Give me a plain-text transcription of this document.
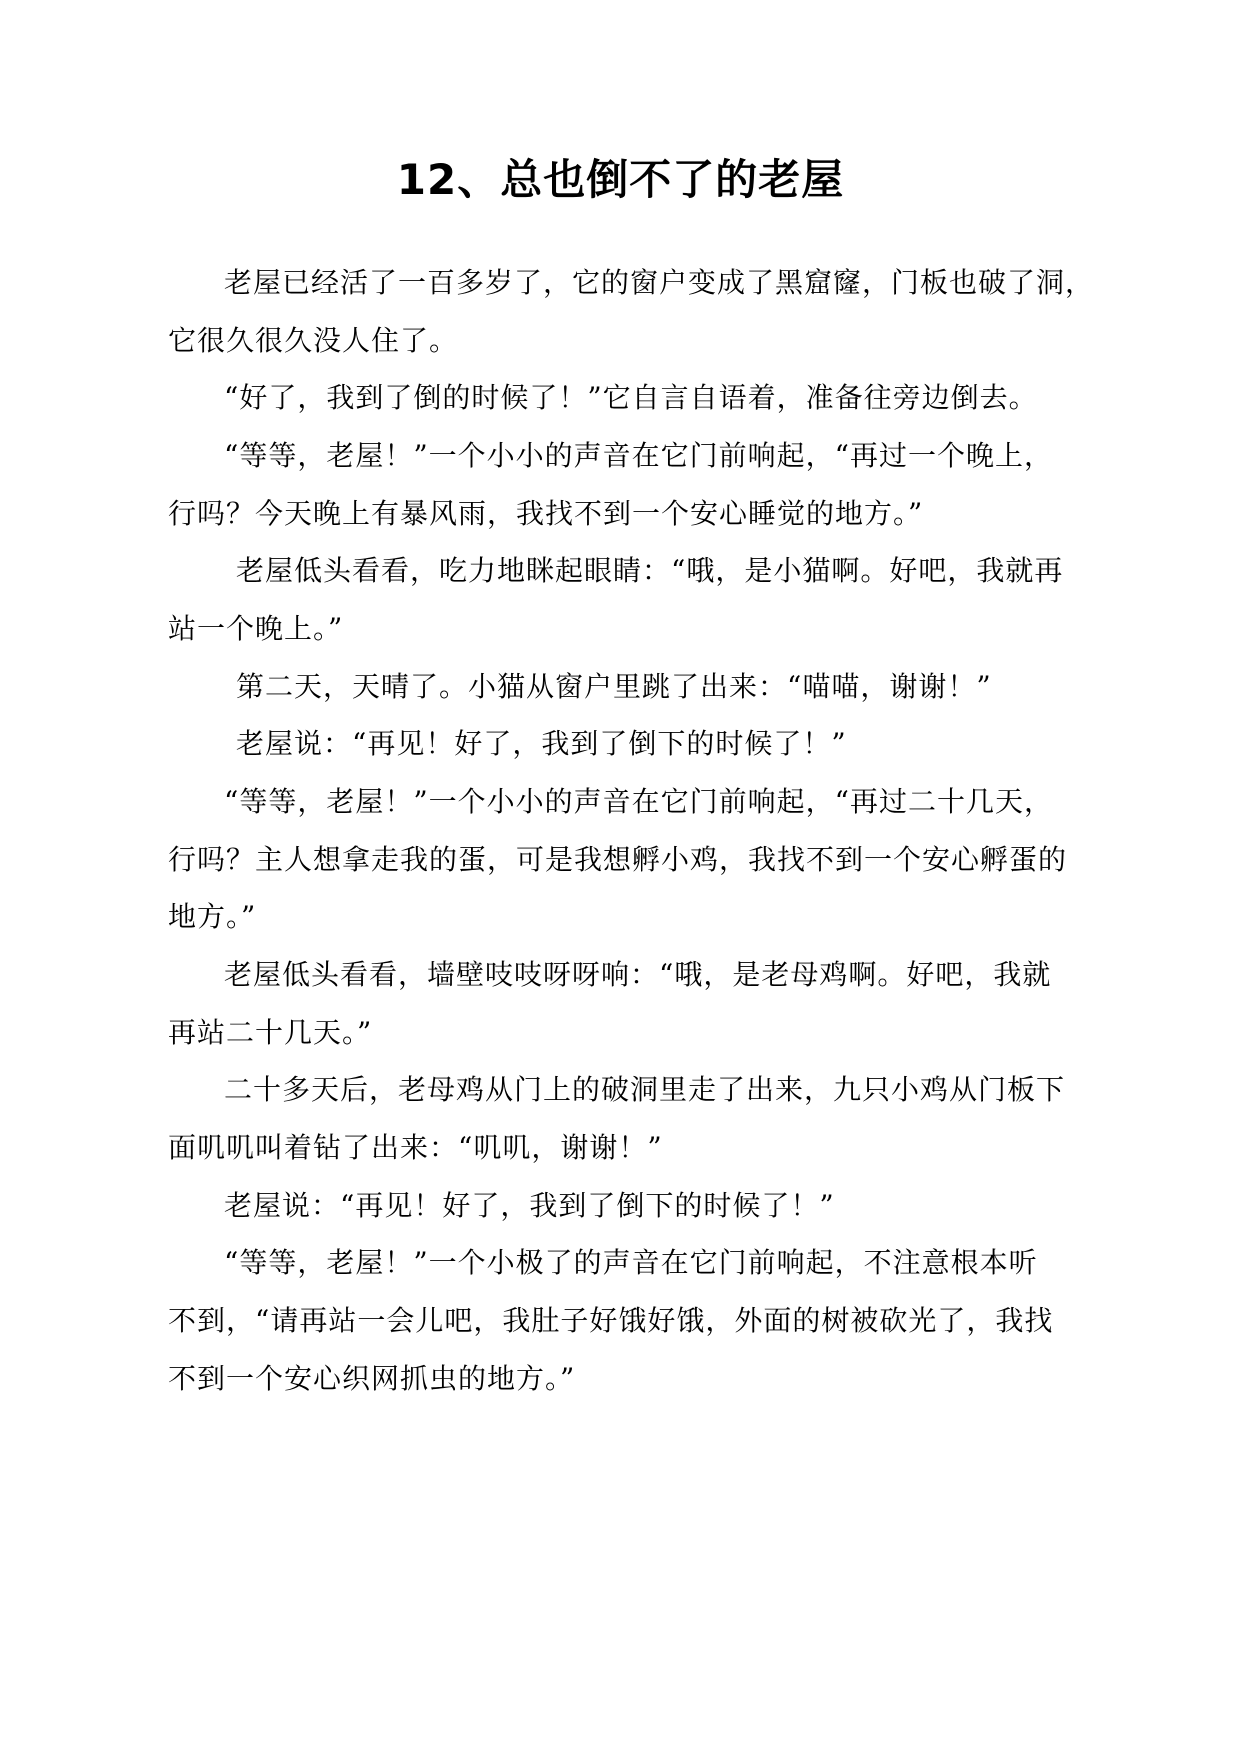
12、总也倒不了的老屋
老屋已经活了一百多岁了，它的窗户变成了黑窟窿，门板也破了洞，
它很久很久没人住了。
“好了，我到了倒的时候了！”它自言自语着，准备往旁边倒去。
“等等，老屋！”一个小小的声音在它门前响起，“再过一个晚上，
行吗？今天晚上有暴风雨，我找不到一个安心睡觉的地方。”
老屋低头看看，吃力地眯起眼睛：“哦，是小猫啊。好吧，我就再
站一个晚上。”
第二天，天晴了。小猫从窗户里跳了出来：“喵喵，谢谢！”
老屋说：“再见！好了，我到了倒下的时候了！”
“等等，老屋！”一个小小的声音在它门前响起，“再过二十几天，
行吗？主人想拿走我的蛋，可是我想孵小鸡，我找不到一个安心孵蛋的
地方。”
老屋低头看看，墙壁吱吱呀呀响：“哦，是老母鸡啊。好吧，我就
再站二十几天。”
二十多天后，老母鸡从门上的破洞里走了出来，九只小鸡从门板下
面叽叽叫着钻了出来：“叽叽，谢谢！”
老屋说：“再见！好了，我到了倒下的时候了！”
“等等，老屋！”一个小极了的声音在它门前响起，不注意根本听
不到，“请再站一会儿吧，我肚子好饿好饿，外面的树被砍光了，我找
不到一个安心织网抓虫的地方。”
